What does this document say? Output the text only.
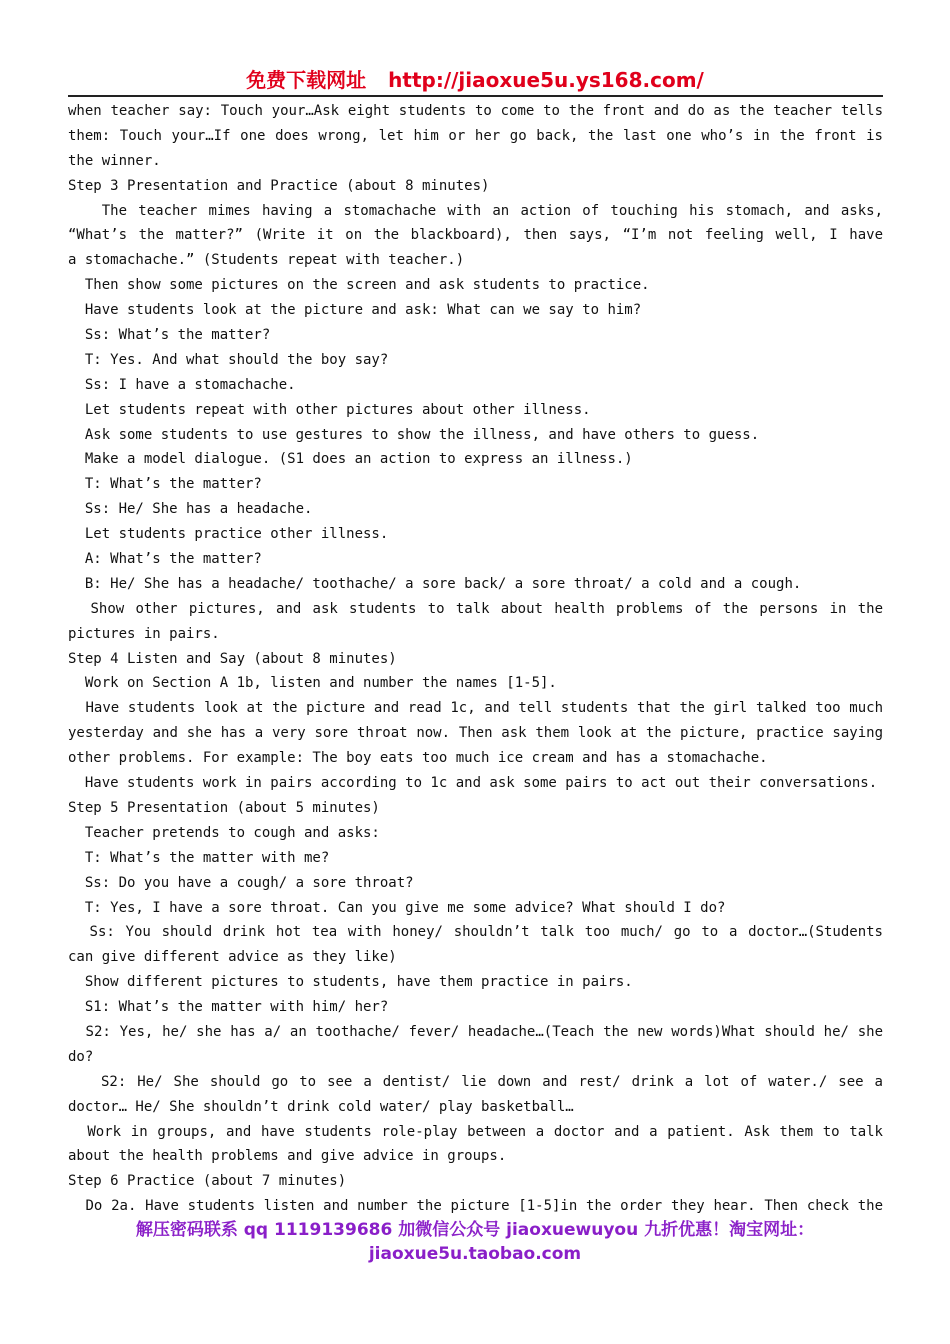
免费下载网址 http://jiaoxue5u.ys168.com/
when teacher say: Touch your…Ask eight students to come to the front and do as the teacher tells
them: Touch your…If one does wrong, let him or her go back, the last one who’s in the front is
the winner.
Step 3 Presentation and Practice (about 8 minutes)
The teacher mimes having a stomachache with an action of touching his stomach, and asks,
“What’s the matter?” (Write it on the blackboard), then says, “I’m not feeling well, I have
a stomachache.” (Students repeat with teacher.)
Then show some pictures on the screen and ask students to practice.
Have students look at the picture and ask: What can we say to him?
Ss: What’s the matter?
T: Yes. And what should the boy say?
Ss: I have a stomachache.
Let students repeat with other pictures about other illness.
Ask some students to use gestures to show the illness, and have others to guess.
Make a model dialogue. (S1 does an action to express an illness.)
T: What’s the matter?
Ss: He/ She has a headache.
Let students practice other illness.
A: What’s the matter?
B: He/ She has a headache/ toothache/ a sore back/ a sore throat/ a cold and a cough.
Show other pictures, and ask students to talk about health problems of the persons in the
pictures in pairs.
Step 4 Listen and Say (about 8 minutes)
Work on Section A 1b, listen and number the names [1-5].
Have students look at the picture and read 1c, and tell students that the girl talked too much
yesterday and she has a very sore throat now. Then ask them look at the picture, practice saying
other problems. For example: The boy eats too much ice cream and has a stomachache.
Have students work in pairs according to 1c and ask some pairs to act out their conversations.
Step 5 Presentation (about 5 minutes)
Teacher pretends to cough and asks:
T: What’s the matter with me?
Ss: Do you have a cough/ a sore throat?
T: Yes, I have a sore throat. Can you give me some advice? What should I do?
Ss: You should drink hot tea with honey/ shouldn’t talk too much/ go to a doctor…(Students
can give different advice as they like)
Show different pictures to students, have them practice in pairs.
S1: What’s the matter with him/ her?
S2: Yes, he/ she has a/ an toothache/ fever/ headache…(Teach the new words)What should he/ she
do?
S2: He/ She should go to see a dentist/ lie down and rest/ drink a lot of water./ see a
doctor… He/ She shouldn’t drink cold water/ play basketball…
Work in groups, and have students role-play between a doctor and a patient. Ask them to talk
about the health problems and give advice in groups.
Step 6 Practice (about 7 minutes)
Do 2a. Have students listen and number the picture [1-5]in the order they hear. Then check the
解压密码联系 qq 1119139686 加微信公众号 jiaoxuewuyou 九折优惠！淘宝网址：
jiaoxue5u.taobao.com
